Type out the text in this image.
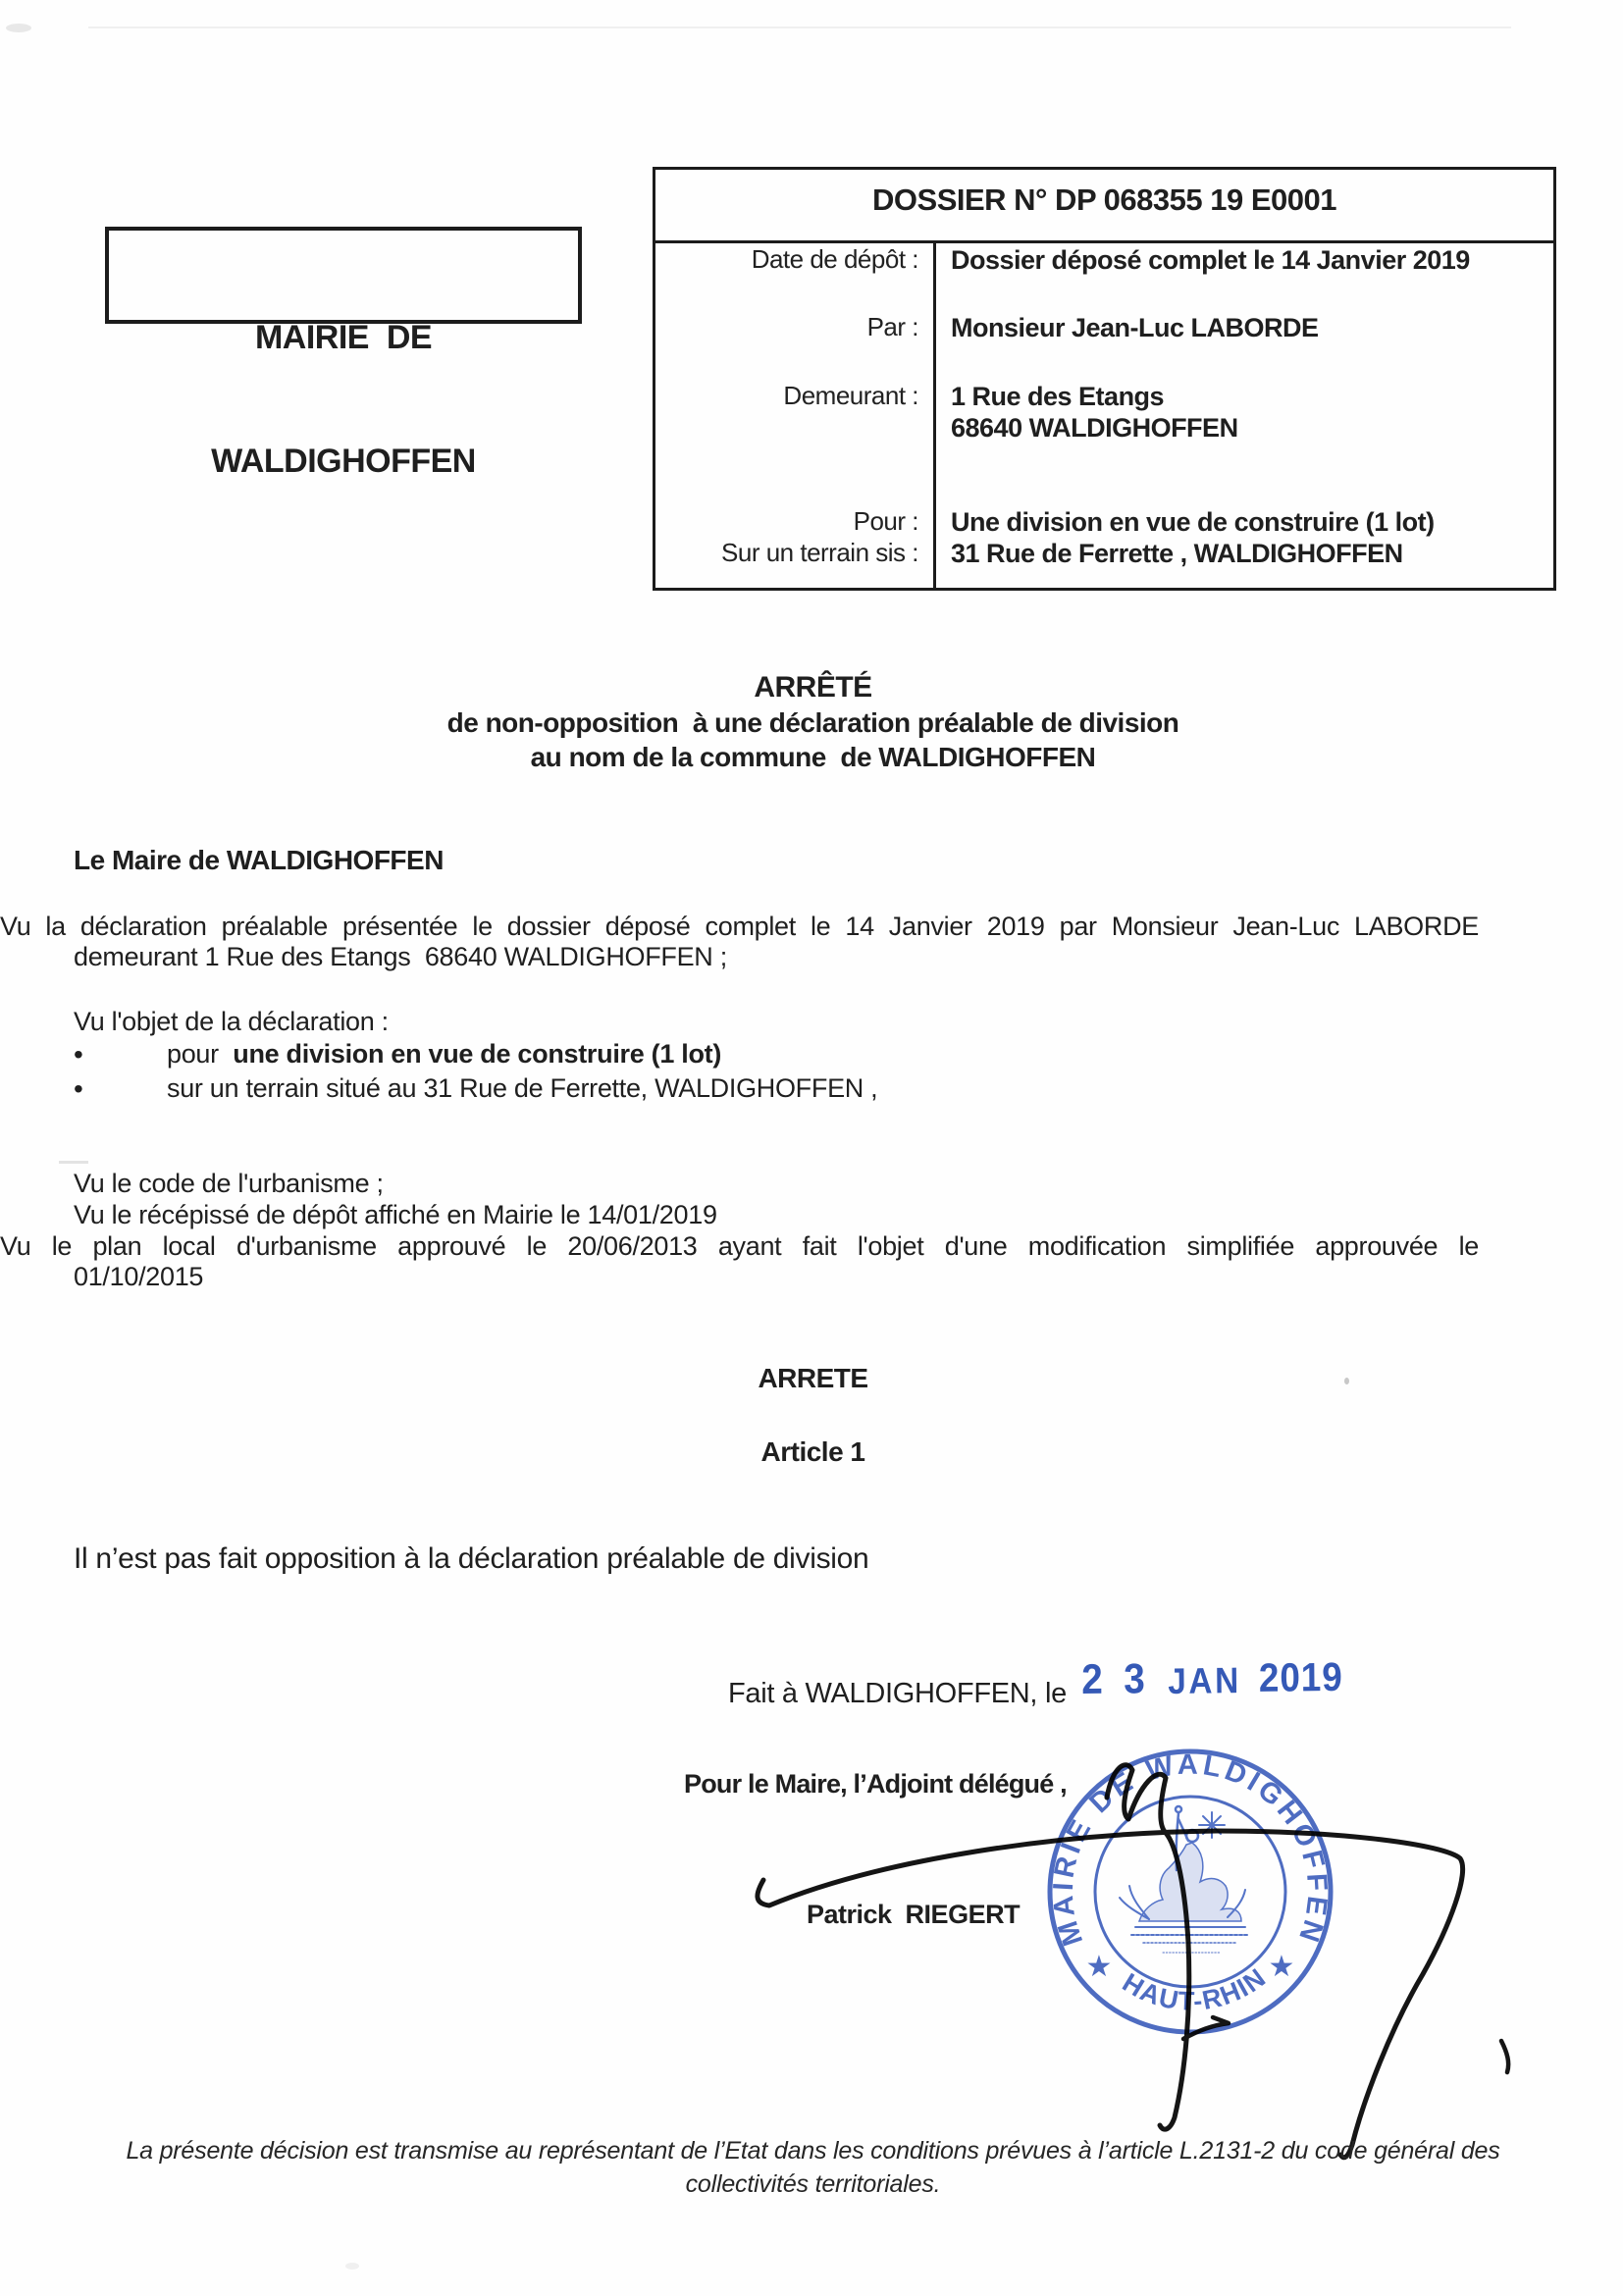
MAIRIE  DE

WALDIGHOFFEN

DOSSIER N° DP 068355 19 E0001
Date de dépôt : Dossier déposé complet le 14 Janvier 2019
Par : Monsieur Jean-Luc LABORDE
Demeurant : 1 Rue des Etangs
68640 WALDIGHOFFEN
Pour : Une division en vue de construire (1 lot)
Sur un terrain sis : 31 Rue de Ferrette , WALDIGHOFFEN
ARRÊTÉ
de non-opposition  à une déclaration préalable de division
au nom de la commune  de WALDIGHOFFEN
Le Maire de WALDIGHOFFEN
Vu la déclaration préalable présentée le dossier déposé complet le 14 Janvier 2019 par Monsieur Jean-Luc LABORDE
demeurant 1 Rue des Etangs  68640 WALDIGHOFFEN ;
Vu l'objet de la déclaration :
•	pour  une division en vue de construire (1 lot)
•	sur un terrain situé au 31 Rue de Ferrette, WALDIGHOFFEN ,
Vu le code de l'urbanisme ;
Vu le récépissé de dépôt affiché en Mairie le 14/01/2019
Vu le plan local d'urbanisme approuvé le 20/06/2013 ayant fait l'objet d'une modification simplifiée approuvée le
01/10/2015
ARRETE
Article 1
Il n’est pas fait opposition à la déclaration préalable de division
Fait à WALDIGHOFFEN, le 2 3 JAN 2019
Pour le Maire, l’Adjoint délégué ,
Patrick  RIEGERT MAIRIE DE WALDIGHOFFEN
HAUT-RHIN
★	★
La présente décision est transmise au représentant de l’Etat dans les conditions prévues à l’article L.2131-2 du code général des
collectivités territoriales.
